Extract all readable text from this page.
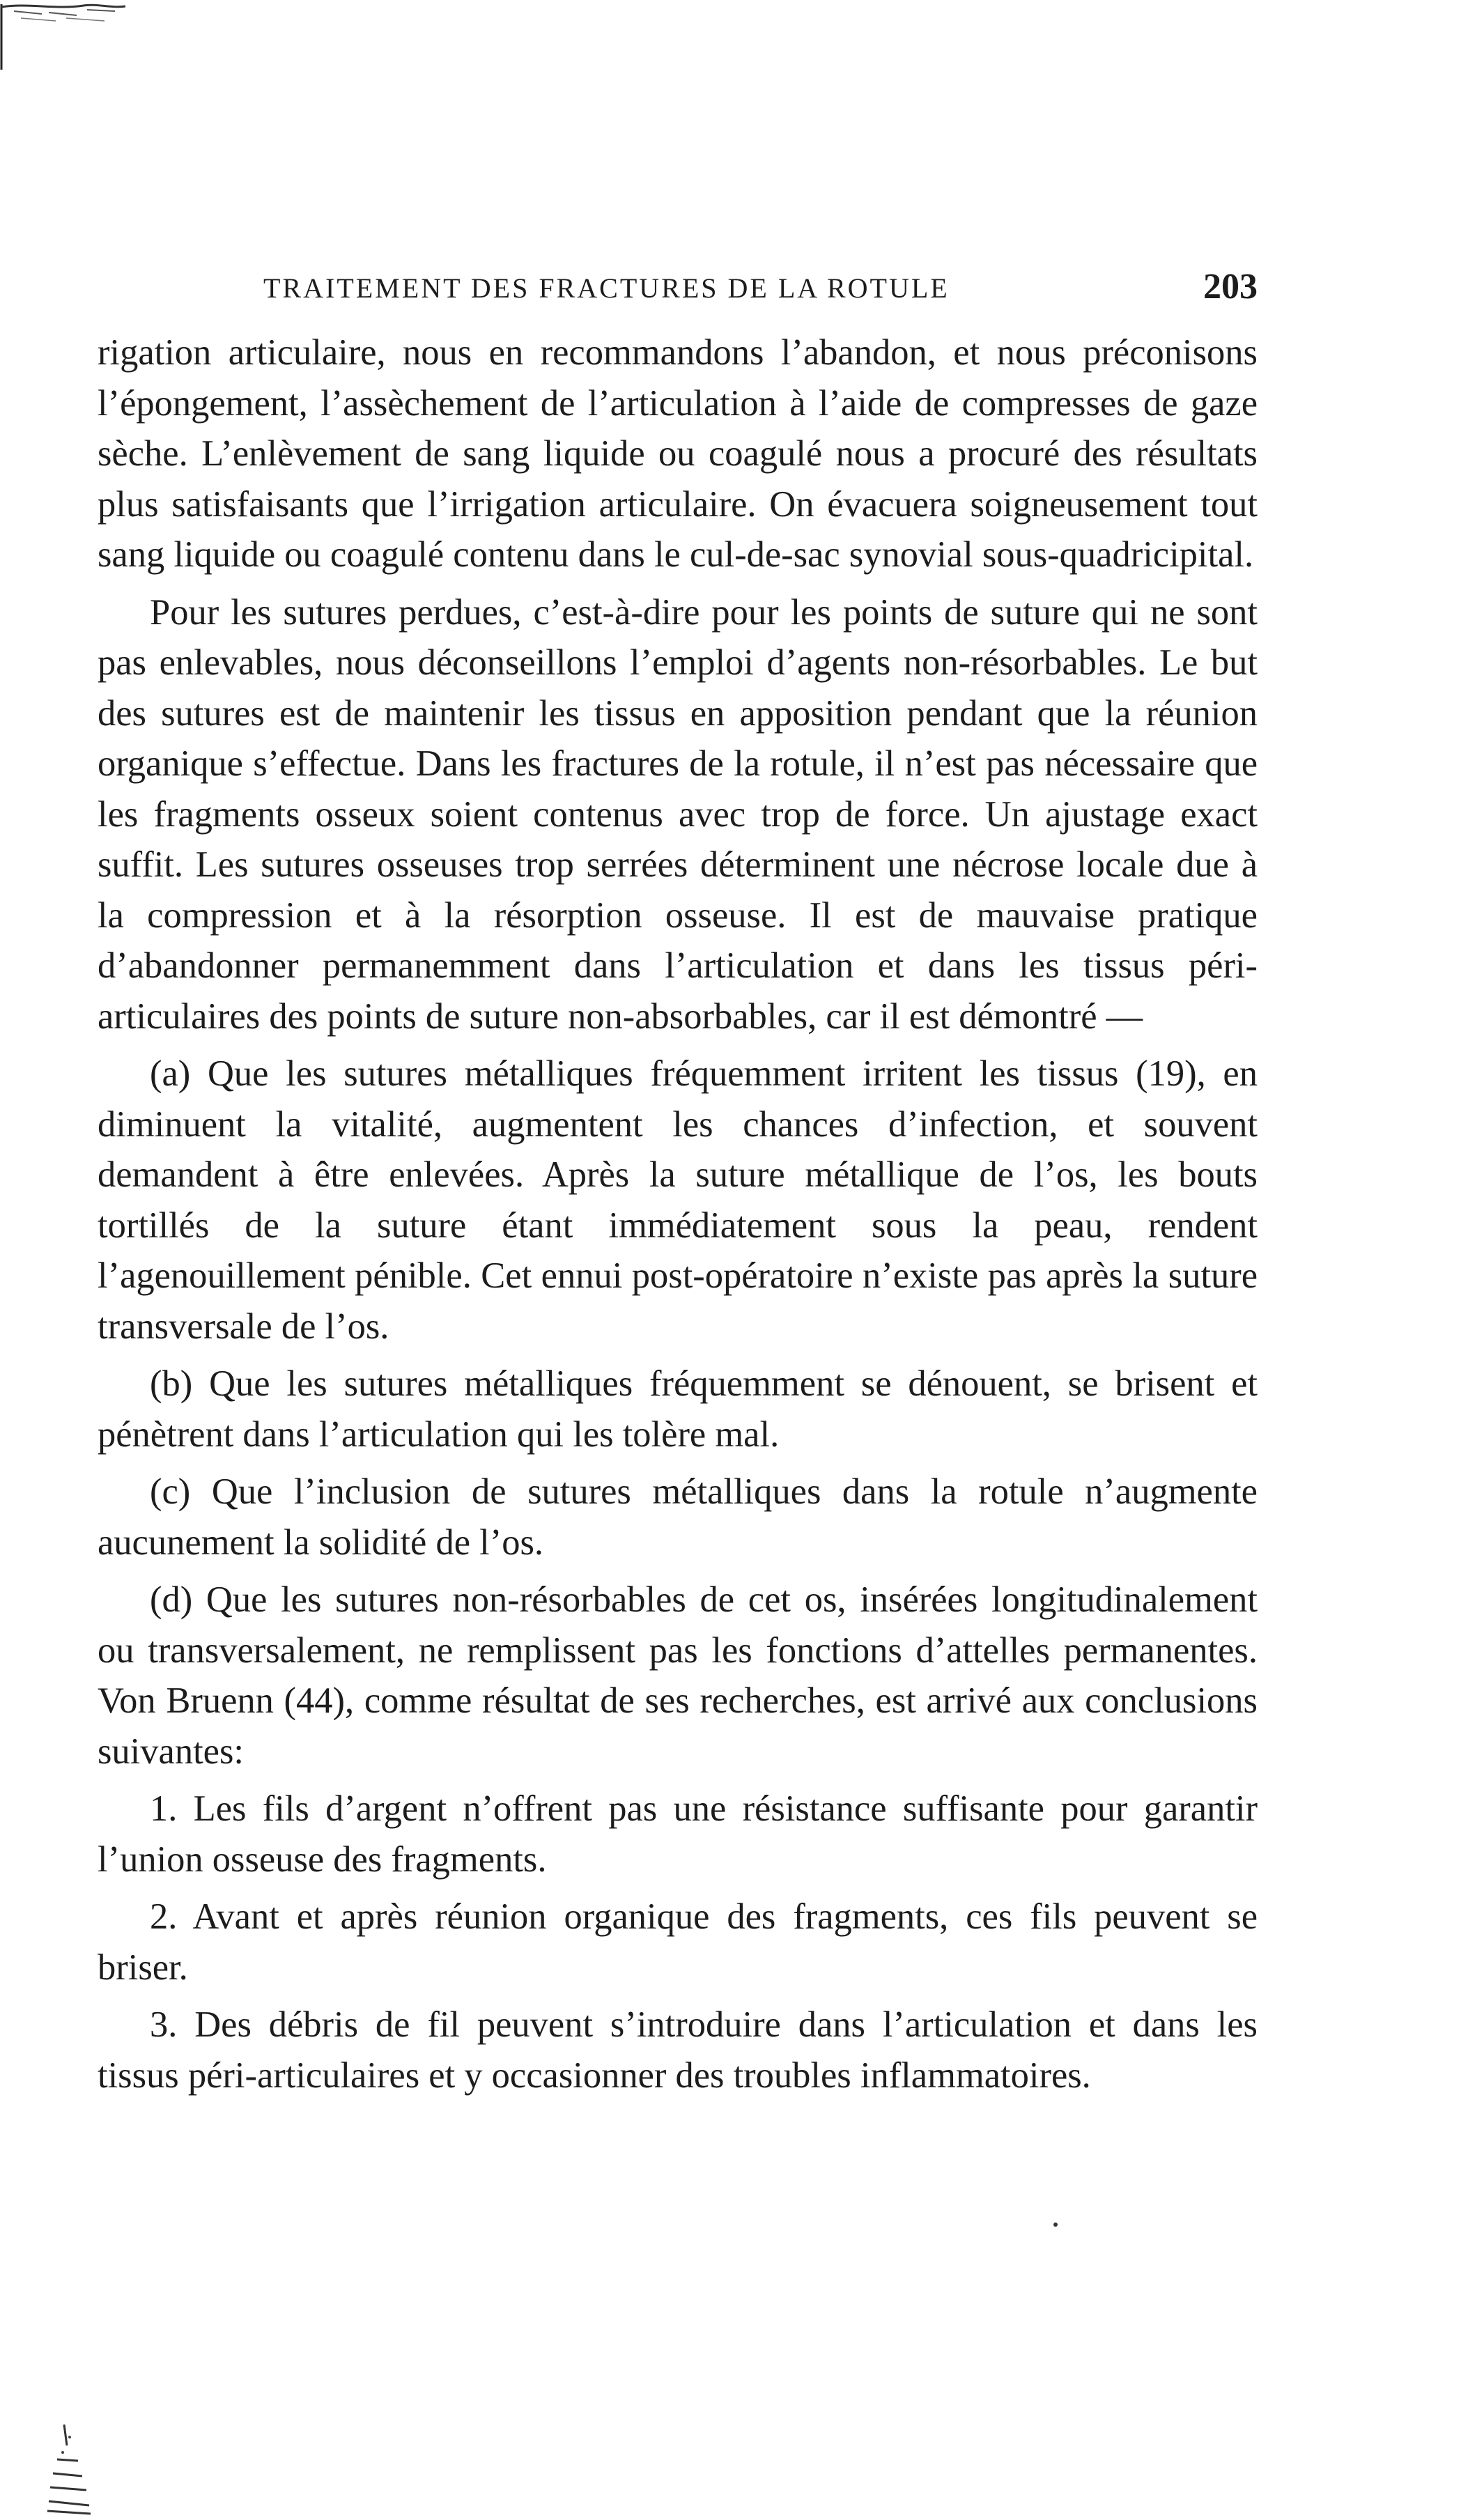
TRAITEMENT DES FRACTURES DE LA ROTULE	203

rigation articulaire, nous en recommandons l’abandon, et nous préconisons l’épongement, l’assèchement de l’articulation à l’aide de compresses de gaze sèche. L’enlèvement de sang liquide ou coagulé nous a procuré des résultats plus satisfaisants que l’irrigation articulaire. On évacuera soigneusement tout sang liquide ou coagulé contenu dans le cul-de-sac synovial sous-quadricipital.

Pour les sutures perdues, c’est-à-dire pour les points de suture qui ne sont pas enlevables, nous déconseillons l’emploi d’agents non-résorbables. Le but des sutures est de maintenir les tissus en apposition pendant que la réunion organique s’effectue. Dans les fractures de la rotule, il n’est pas nécessaire que les fragments osseux soient contenus avec trop de force. Un ajustage exact suffit. Les sutures osseuses trop serrées déterminent une nécrose locale due à la compression et à la résorption osseuse. Il est de mauvaise pratique d’abandonner permanemment dans l’articulation et dans les tissus péri-articulaires des points de suture non-absorbables, car il est démontré —

(a) Que les sutures métalliques fréquemment irritent les tissus (19), en diminuent la vitalité, augmentent les chances d’infection, et souvent demandent à être enlevées. Après la suture métallique de l’os, les bouts tortillés de la suture étant immédiatement sous la peau, rendent l’agenouillement pénible. Cet ennui post-opératoire n’existe pas après la suture transversale de l’os.

(b) Que les sutures métalliques fréquemment se dénouent, se brisent et pénètrent dans l’articulation qui les tolère mal.

(c) Que l’inclusion de sutures métalliques dans la rotule n’augmente aucunement la solidité de l’os.

(d) Que les sutures non-résorbables de cet os, insérées longitudinalement ou transversalement, ne remplissent pas les fonctions d’attelles permanentes. Von Bruenn (44), comme résultat de ses recherches, est arrivé aux conclusions suivantes:

1. Les fils d’argent n’offrent pas une résistance suffisante pour garantir l’union osseuse des fragments.

2. Avant et après réunion organique des fragments, ces fils peuvent se briser.

3. Des débris de fil peuvent s’introduire dans l’articulation et dans les tissus péri-articulaires et y occasionner des troubles inflammatoires.
